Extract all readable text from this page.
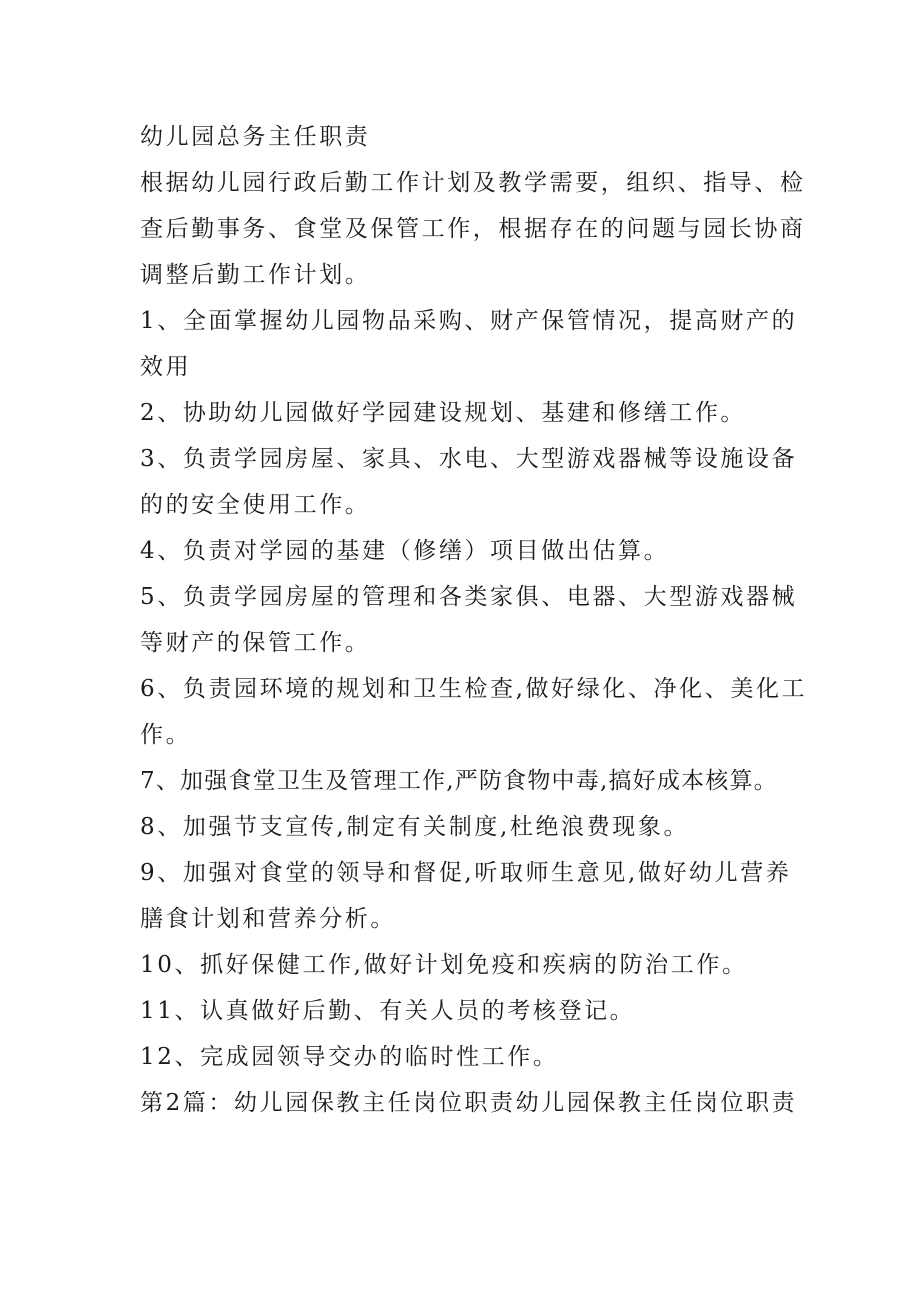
幼儿园总务主任职责
根据幼儿园行政后勤工作计划及教学需要，组织、指导、检
查后勤事务、食堂及保管工作，根据存在的问题与园长协商
调整后勤工作计划。
1、全面掌握幼儿园物品采购、财产保管情况，提高财产的
效用
2、协助幼儿园做好学园建设规划、基建和修缮工作。
3、负责学园房屋、家具、水电、大型游戏器械等设施设备
的的安全使用工作。
4、负责对学园的基建（修缮）项目做出估算。
5、负责学园房屋的管理和各类家俱、电器、大型游戏器械
等财产的保管工作。
6、负责园环境的规划和卫生检查,做好绿化、净化、美化工
作。
7、加强食堂卫生及管理工作,严防食物中毒,搞好成本核算。
8、加强节支宣传,制定有关制度,杜绝浪费现象。
9、加强对食堂的领导和督促,听取师生意见,做好幼儿营养
膳食计划和营养分析。
10、抓好保健工作,做好计划免疫和疾病的防治工作。
11、认真做好后勤、有关人员的考核登记。
12、完成园领导交办的临时性工作。
第2篇：幼儿园保教主任岗位职责幼儿园保教主任岗位职责
